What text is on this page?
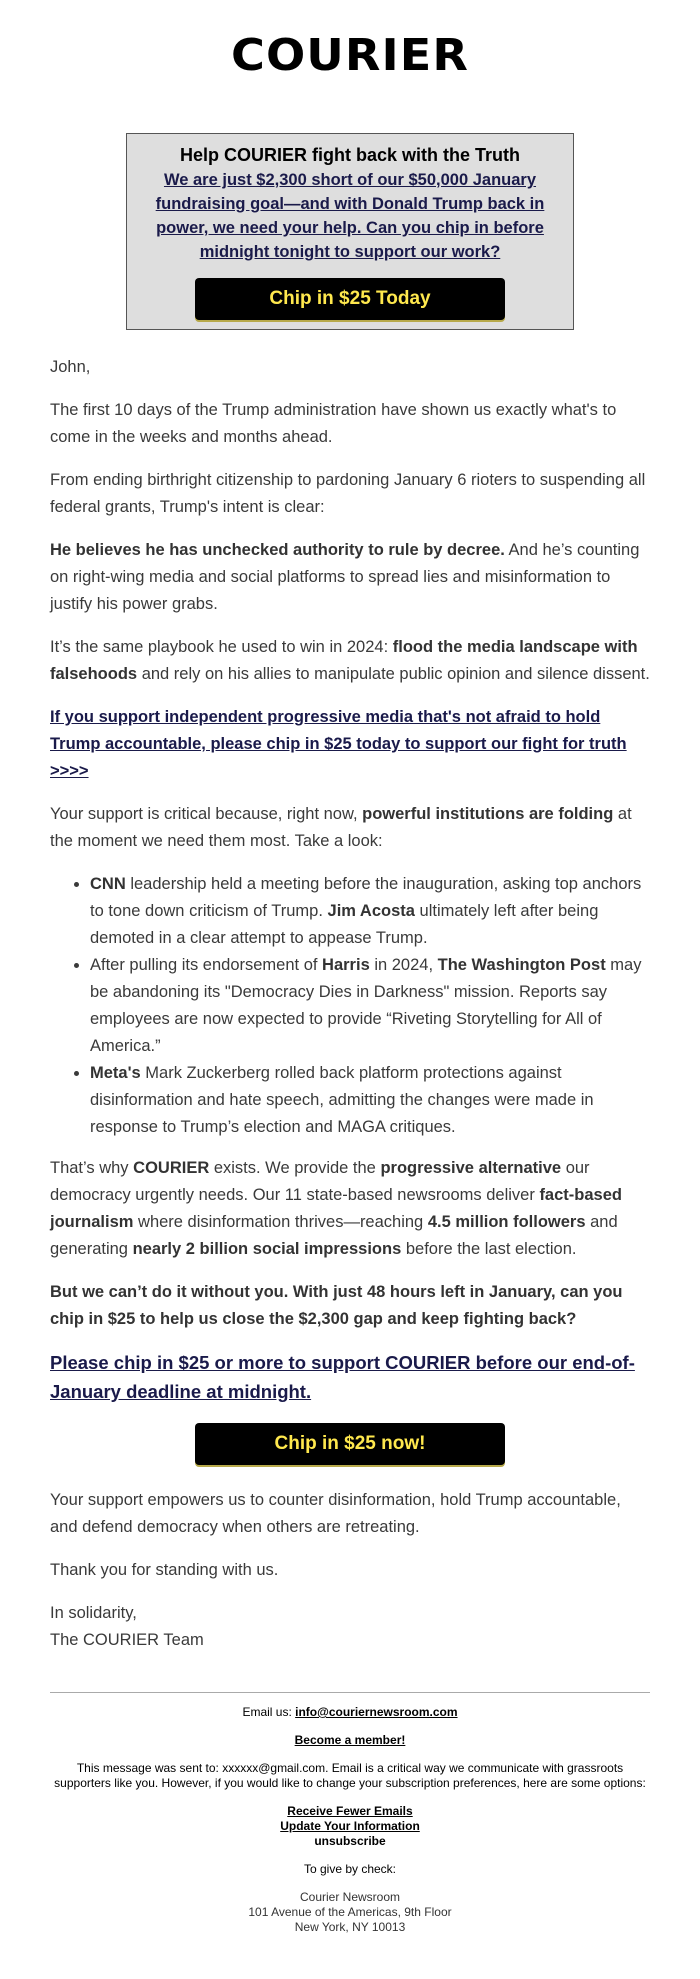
COURIER
Help COURIER fight back with the Truth
We are just $2,300 short of our $50,000 January fundraising goal—and with Donald Trump back in power, we need your help. Can you chip in before midnight tonight to support our work?
Chip in $25 Today

John,

The first 10 days of the Trump administration have shown us exactly what's to come in the weeks and months ahead.

From ending birthright citizenship to pardoning January 6 rioters to suspending all federal grants, Trump's intent is clear:

He believes he has unchecked authority to rule by decree. And he’s counting on right-wing media and social platforms to spread lies and misinformation to justify his power grabs.

It’s the same playbook he used to win in 2024: flood the media landscape with falsehoods and rely on his allies to manipulate public opinion and silence dissent.

If you support independent progressive media that's not afraid to hold Trump accountable, please chip in $25 today to support our fight for truth >>>>

Your support is critical because, right now, powerful institutions are folding at the moment we need them most. Take a look:

• CNN leadership held a meeting before the inauguration, asking top anchors to tone down criticism of Trump. Jim Acosta ultimately left after being demoted in a clear attempt to appease Trump.
• After pulling its endorsement of Harris in 2024, The Washington Post may be abandoning its "Democracy Dies in Darkness" mission. Reports say employees are now expected to provide “Riveting Storytelling for All of America.”
• Meta's Mark Zuckerberg rolled back platform protections against disinformation and hate speech, admitting the changes were made in response to Trump’s election and MAGA critiques.

That’s why COURIER exists. We provide the progressive alternative our democracy urgently needs. Our 11 state-based newsrooms deliver fact-based journalism where disinformation thrives—reaching 4.5 million followers and generating nearly 2 billion social impressions before the last election.

But we can’t do it without you. With just 48 hours left in January, can you chip in $25 to help us close the $2,300 gap and keep fighting back?

Please chip in $25 or more to support COURIER before our end-of-January deadline at midnight.

Chip in $25 now!

Your support empowers us to counter disinformation, hold Trump accountable, and defend democracy when others are retreating.

Thank you for standing with us.

In solidarity,
The COURIER Team

Email us: info@couriernewsroom.com

Become a member!

This message was sent to: xxxxxx@gmail.com. Email is a critical way we communicate with grassroots supporters like you. However, if you would like to change your subscription preferences, here are some options:

Receive Fewer Emails
Update Your Information
unsubscribe

To give by check:

Courier Newsroom
101 Avenue of the Americas, 9th Floor
New York, NY 10013
